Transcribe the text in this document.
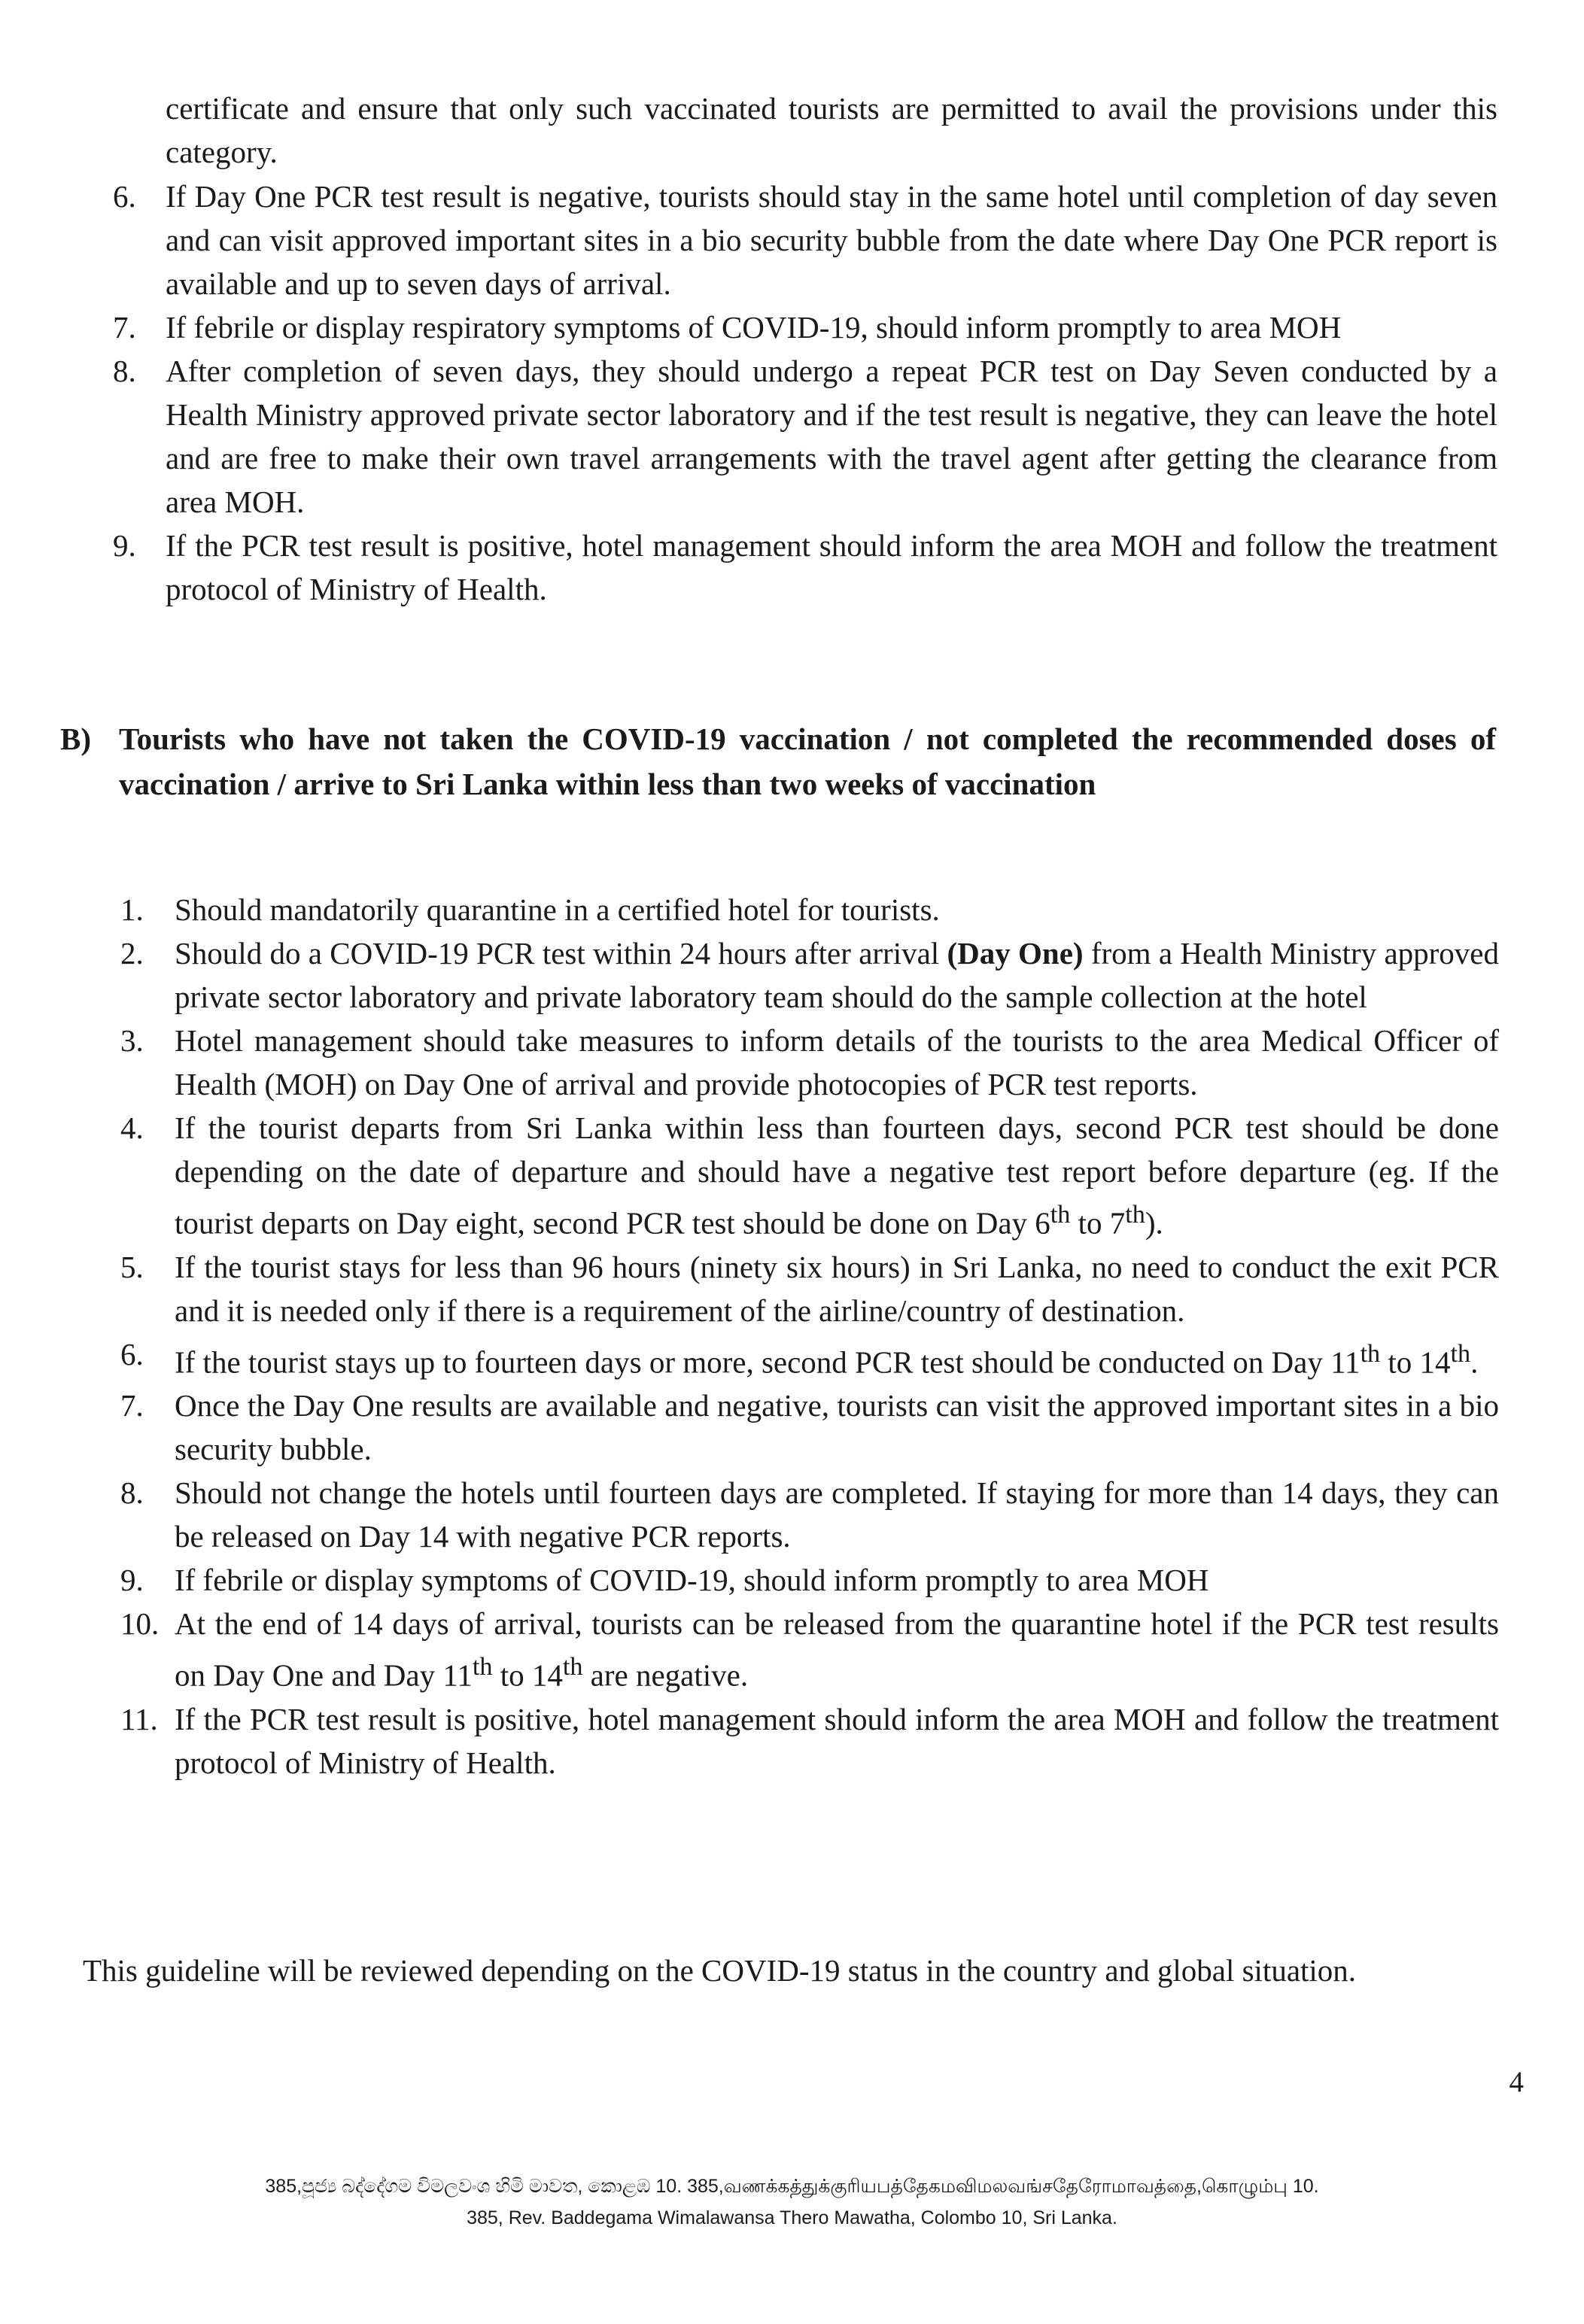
certificate and ensure that only such vaccinated tourists are permitted to avail the provisions under this category.
6. If Day One PCR test result is negative, tourists should stay in the same hotel until completion of day seven and can visit approved important sites in a bio security bubble from the date where Day One PCR report is available and up to seven days of arrival.
7. If febrile or display respiratory symptoms of COVID-19, should inform promptly to area MOH
8. After completion of seven days, they should undergo a repeat PCR test on Day Seven conducted by a Health Ministry approved private sector laboratory and if the test result is negative, they can leave the hotel and are free to make their own travel arrangements with the travel agent after getting the clearance from area MOH.
9. If the PCR test result is positive, hotel management should inform the area MOH and follow the treatment protocol of Ministry of Health.
B) Tourists who have not taken the COVID-19 vaccination / not completed the recommended doses of vaccination / arrive to Sri Lanka within less than two weeks of vaccination
1. Should mandatorily quarantine in a certified hotel for tourists.
2. Should do a COVID-19 PCR test within 24 hours after arrival (Day One) from a Health Ministry approved private sector laboratory and private laboratory team should do the sample collection at the hotel
3. Hotel management should take measures to inform details of the tourists to the area Medical Officer of Health (MOH) on Day One of arrival and provide photocopies of PCR test reports.
4. If the tourist departs from Sri Lanka within less than fourteen days, second PCR test should be done depending on the date of departure and should have a negative test report before departure (eg. If the tourist departs on Day eight, second PCR test should be done on Day 6th to 7th).
5. If the tourist stays for less than 96 hours (ninety six hours) in Sri Lanka, no need to conduct the exit PCR and it is needed only if there is a requirement of the airline/country of destination.
6. If the tourist stays up to fourteen days or more, second PCR test should be conducted on Day 11th to 14th.
7. Once the Day One results are available and negative, tourists can visit the approved important sites in a bio security bubble.
8. Should not change the hotels until fourteen days are completed. If staying for more than 14 days, they can be released on Day 14 with negative PCR reports.
9. If febrile or display symptoms of COVID-19, should inform promptly to area MOH
10. At the end of 14 days of arrival, tourists can be released from the quarantine hotel if the PCR test results on Day One and Day 11th to 14th are negative.
11. If the PCR test result is positive, hotel management should inform the area MOH and follow the treatment protocol of Ministry of Health.
This guideline will be reviewed depending on the COVID-19 status in the country and global situation.
4
385,පූජ්‍ය බද්දේගම විමලවංශ හිමි මාවත, කොළඹ 10. 385,வணக்கத்துக்குரியபத்தேகமவிமலவங்சதேரோமாவத்தை,கொழும்பு 10.
385, Rev. Baddegama Wimalawansa Thero Mawatha, Colombo 10, Sri Lanka.
